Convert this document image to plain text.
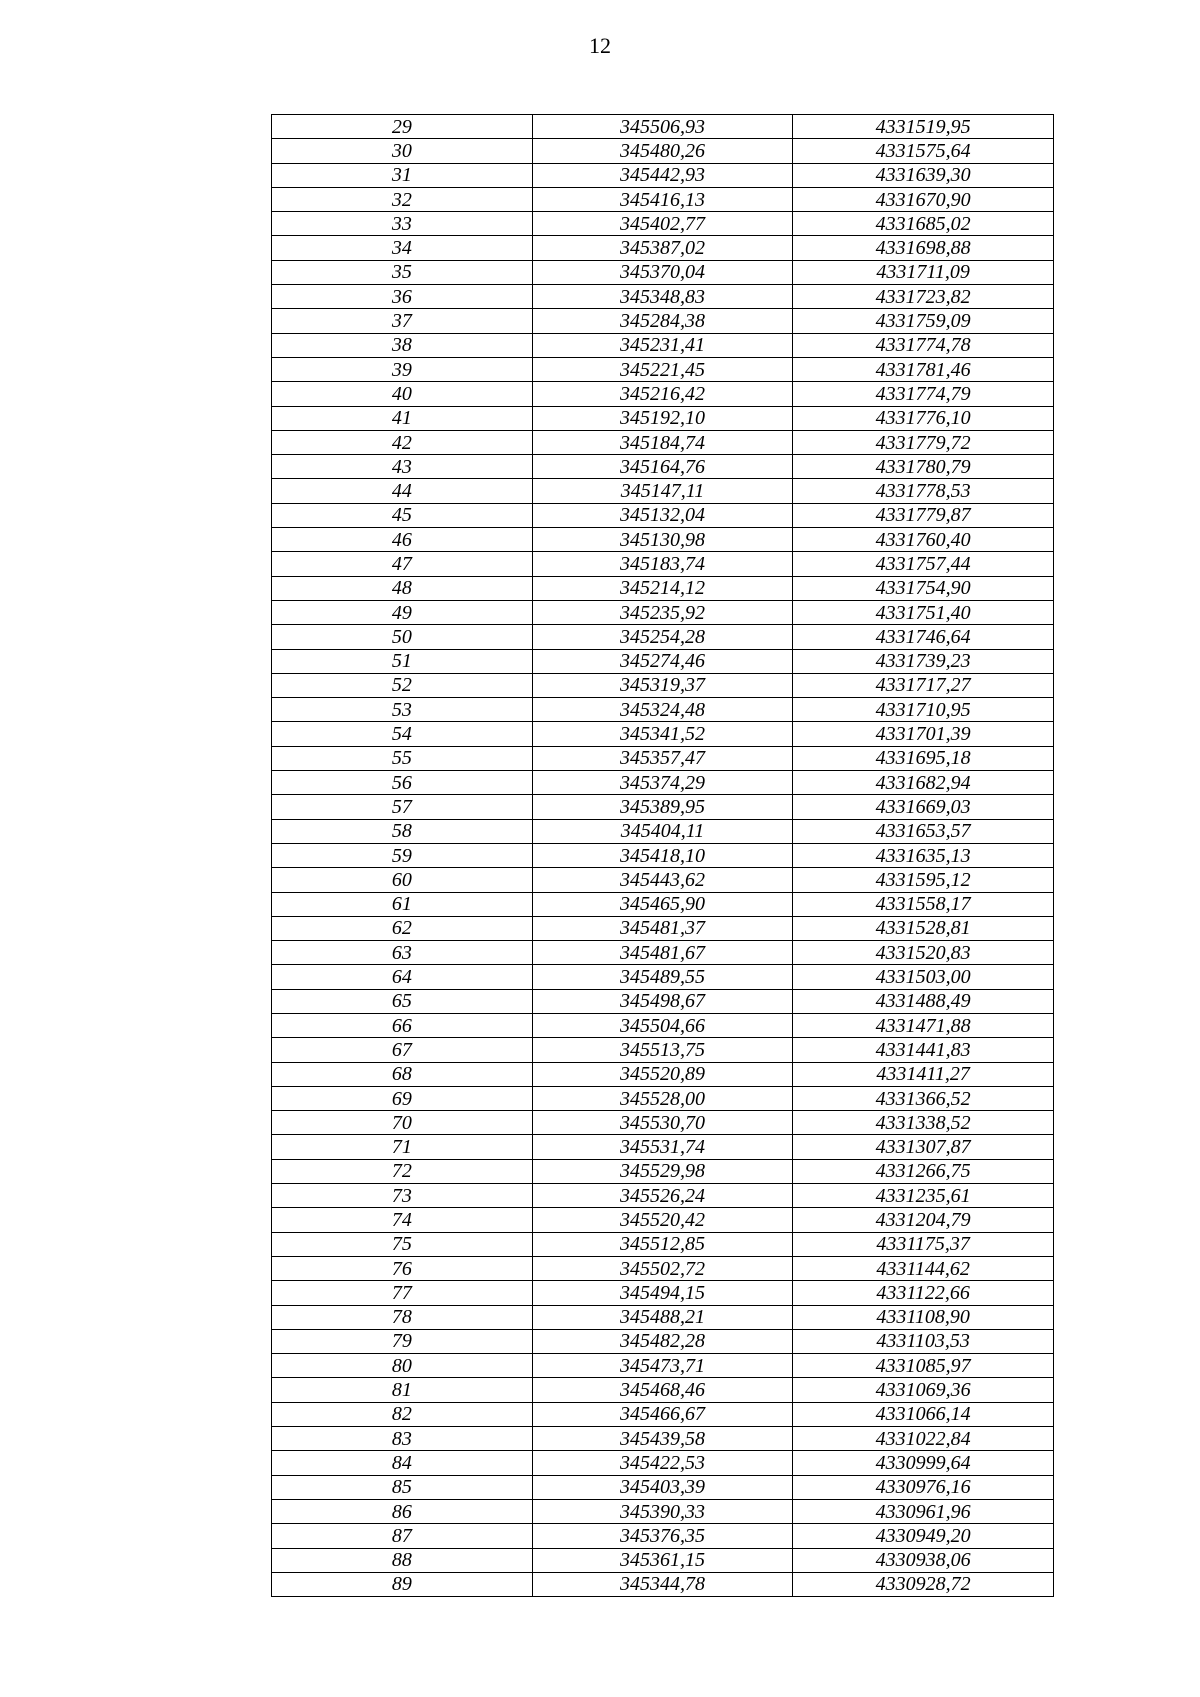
12
29	345506,93	4331519,95
30	345480,26	4331575,64
31	345442,93	4331639,30
32	345416,13	4331670,90
33	345402,77	4331685,02
34	345387,02	4331698,88
35	345370,04	4331711,09
36	345348,83	4331723,82
37	345284,38	4331759,09
38	345231,41	4331774,78
39	345221,45	4331781,46
40	345216,42	4331774,79
41	345192,10	4331776,10
42	345184,74	4331779,72
43	345164,76	4331780,79
44	345147,11	4331778,53
45	345132,04	4331779,87
46	345130,98	4331760,40
47	345183,74	4331757,44
48	345214,12	4331754,90
49	345235,92	4331751,40
50	345254,28	4331746,64
51	345274,46	4331739,23
52	345319,37	4331717,27
53	345324,48	4331710,95
54	345341,52	4331701,39
55	345357,47	4331695,18
56	345374,29	4331682,94
57	345389,95	4331669,03
58	345404,11	4331653,57
59	345418,10	4331635,13
60	345443,62	4331595,12
61	345465,90	4331558,17
62	345481,37	4331528,81
63	345481,67	4331520,83
64	345489,55	4331503,00
65	345498,67	4331488,49
66	345504,66	4331471,88
67	345513,75	4331441,83
68	345520,89	4331411,27
69	345528,00	4331366,52
70	345530,70	4331338,52
71	345531,74	4331307,87
72	345529,98	4331266,75
73	345526,24	4331235,61
74	345520,42	4331204,79
75	345512,85	4331175,37
76	345502,72	4331144,62
77	345494,15	4331122,66
78	345488,21	4331108,90
79	345482,28	4331103,53
80	345473,71	4331085,97
81	345468,46	4331069,36
82	345466,67	4331066,14
83	345439,58	4331022,84
84	345422,53	4330999,64
85	345403,39	4330976,16
86	345390,33	4330961,96
87	345376,35	4330949,20
88	345361,15	4330938,06
89	345344,78	4330928,72
